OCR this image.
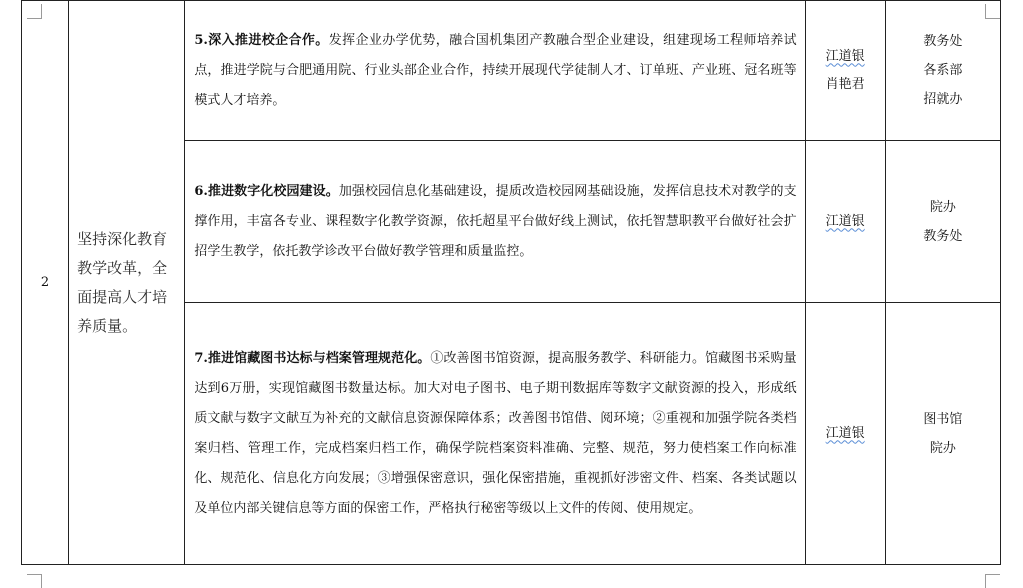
2	坚持深化教育教学改革，全面提高人才培养质量。	5.深入推进校企合作。发挥企业办学优势，融合国机集团产教融合型企业建设，组建现场工程师培养试点，推进学院与合肥通用院、行业头部企业合作，持续开展现代学徒制人才、订单班、产业班、冠名班等模式人才培养。	江道银
肖艳君	教务处
各系部
招就办

		6.推进数字化校园建设。加强校园信息化基础建设，提质改造校园网基础设施，发挥信息技术对教学的支撑作用，丰富各专业、课程数字化教学资源，依托超星平台做好线上测试，依托智慧职教平台做好社会扩招学生教学，依托教学诊改平台做好教学管理和质量监控。	江道银	院办
教务处

		7.推进馆藏图书达标与档案管理规范化。①改善图书馆资源，提高服务教学、科研能力。馆藏图书采购量达到6万册，实现馆藏图书数量达标。加大对电子图书、电子期刊数据库等数字文献资源的投入，形成纸质文献与数字文献互为补充的文献信息资源保障体系；改善图书馆借、阅环境；②重视和加强学院各类档案归档、管理工作，完成档案归档工作，确保学院档案资料准确、完整、规范，努力使档案工作向标准化、规范化、信息化方向发展；③增强保密意识，强化保密措施，重视抓好涉密文件、档案、各类试题以及单位内部关键信息等方面的保密工作，严格执行秘密等级以上文件的传阅、使用规定。	江道银	图书馆
院办
